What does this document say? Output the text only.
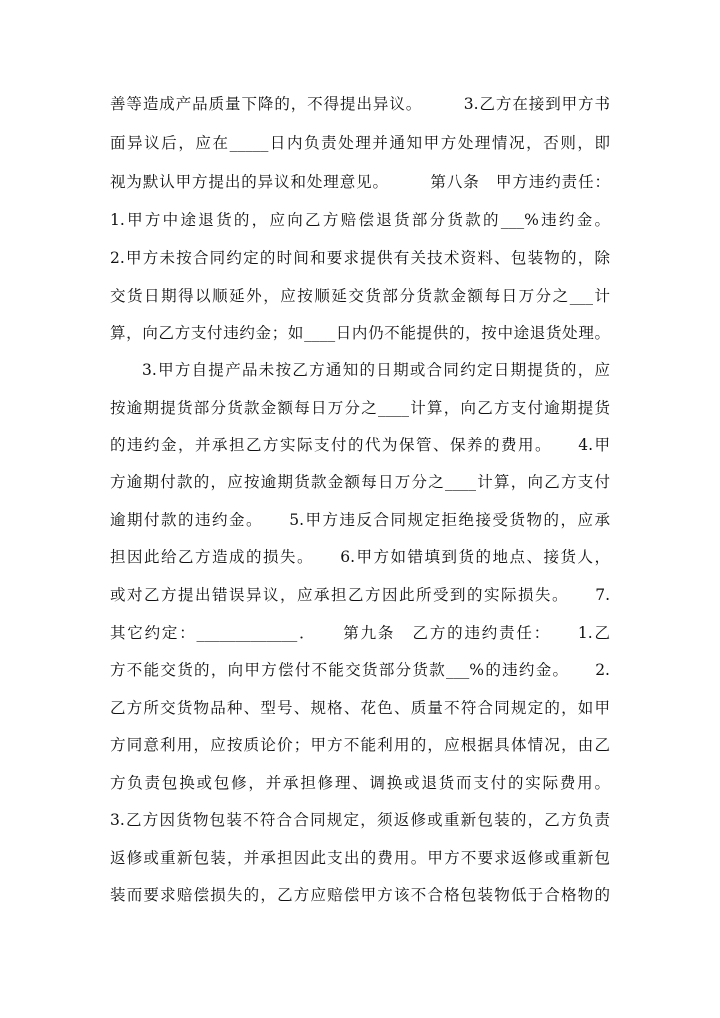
善等造成产品质量下降的，不得提出异议。　　　3.乙方在接到甲方书
面异议后，应在_____日内负责处理并通知甲方处理情况，否则，即
视为默认甲方提出的异议和处理意见。　　　第八条　甲方违约责任：
1.甲方中途退货的，应向乙方赔偿退货部分货款的___%违约金。
2.甲方未按合同约定的时间和要求提供有关技术资料、包装物的，除
交货日期得以顺延外，应按顺延交货部分货款金额每日万分之___计
算，向乙方支付违约金；如____日内仍不能提供的，按中途退货处理。
3.甲方自提产品未按乙方通知的日期或合同约定日期提货的，应
按逾期提货部分货款金额每日万分之____计算，向乙方支付逾期提货
的违约金，并承担乙方实际支付的代为保管、保养的费用。　　4.甲
方逾期付款的，应按逾期货款金额每日万分之____计算，向乙方支付
逾期付款的违约金。　　5.甲方违反合同规定拒绝接受货物的，应承
担因此给乙方造成的损失。　　6.甲方如错填到货的地点、接货人，
或对乙方提出错误异议，应承担乙方因此所受到的实际损失。　　7.
其它约定：_____________．　　第九条　乙方的违约责任：　　1.乙
方不能交货的，向甲方偿付不能交货部分货款___%的违约金。　　2.
乙方所交货物品种、型号、规格、花色、质量不符合同规定的，如甲
方同意利用，应按质论价；甲方不能利用的，应根据具体情况，由乙
方负责包换或包修，并承担修理、调换或退货而支付的实际费用。
3.乙方因货物包装不符合合同规定，须返修或重新包装的，乙方负责
返修或重新包装，并承担因此支出的费用。甲方不要求返修或重新包
装而要求赔偿损失的，乙方应赔偿甲方该不合格包装物低于合格物的
